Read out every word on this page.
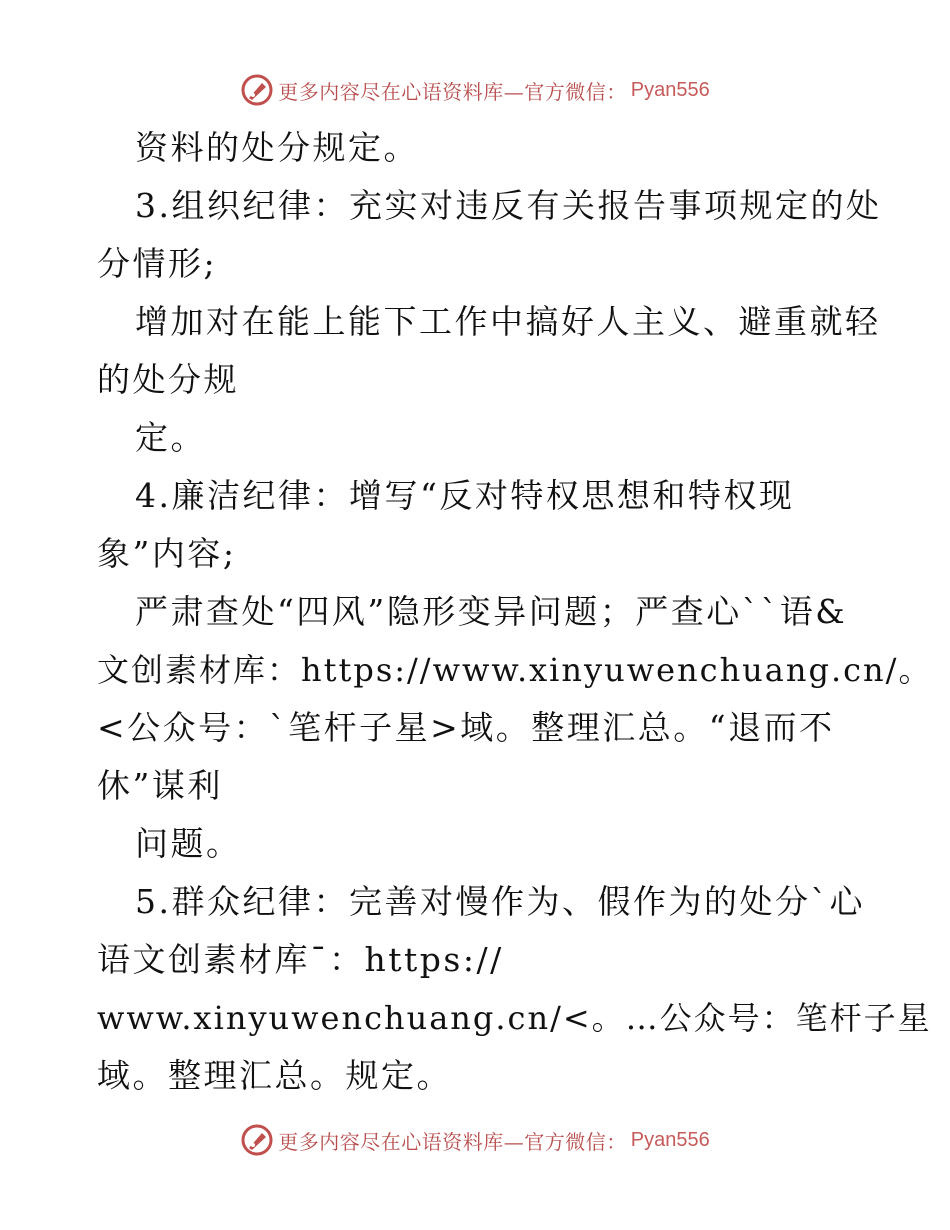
更多内容尽在心语资料库—官方微信： Pyan556
资料的处分规定。
3.组织纪律：充实对违反有关报告事项规定的处
分情形;
增加对在能上能下工作中搞好人主义、避重就轻
的处分规
定。
4.廉洁纪律：增写“反对特权思想和特权现
象”内容;
严肃查处“四风”隐形变异问题；严查心``语&
文创素材库：https://www.xinyuwenchuang.cn/。
<公众号：`笔杆子星>域。整理汇总。“退而不
休”谋利
问题。
5.群众纪律：完善对慢作为、假作为的处分`心
语文创素材库¯：https://
www.xinyuwenchuang.cn/<。…公众号：笔杆子星
域。整理汇总。规定。
更多内容尽在心语资料库—官方微信： Pyan556
